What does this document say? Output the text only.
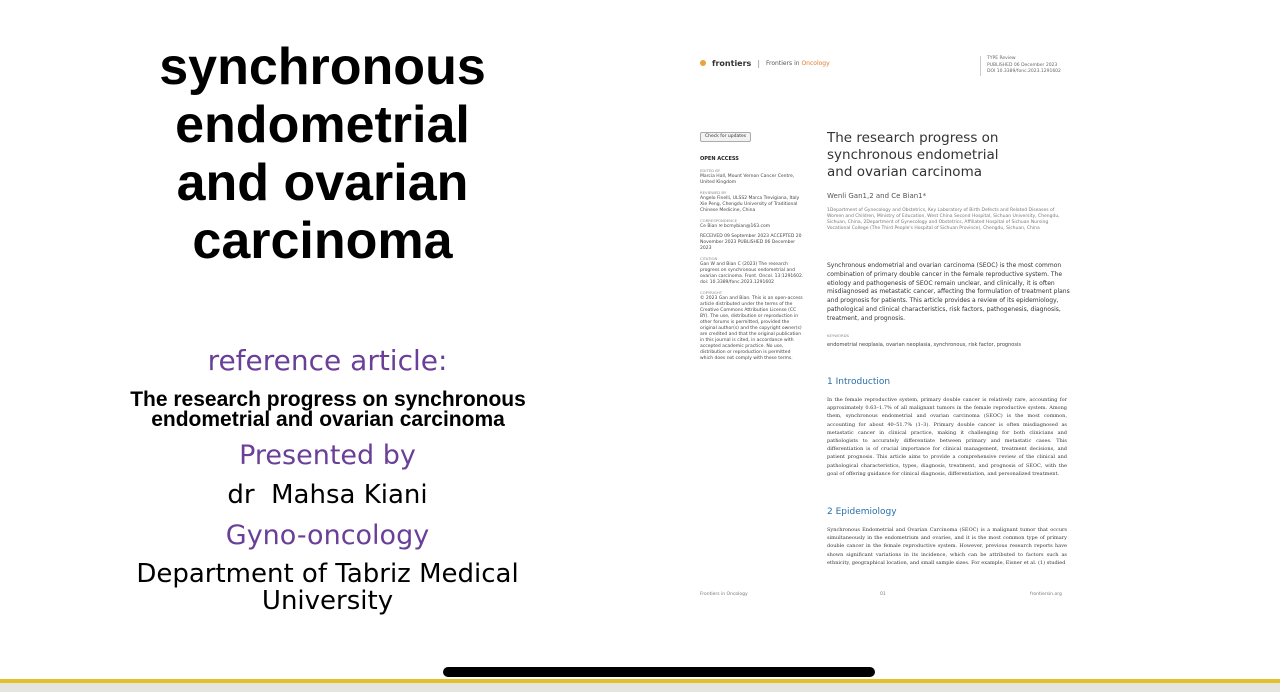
synchronous
endometrial
and ovarian
carcinoma
reference article:
The research progress on synchronous
endometrial and ovarian carcinoma
Presented by
dr  Mahsa Kiani
Gyno-oncology
Department of Tabriz Medical
University
frontiers | Frontiers in Oncology
TYPE Review
PUBLISHED 06 December 2023
DOI 10.3389/fonc.2023.1291602
Check for updates
OPEN ACCESS
EDITED BY
Marcia Hall, Mount Vernon Cancer Centre, United Kingdom
REVIEWED BY
Angelo Finelli, ULSS2 Marca Trevigiana, Italy Xie Peng, Chengdu University of Traditional Chinese Medicine, China
CORRESPONDENCE
Ce Bian ✉ bcmybian@163.com
RECEIVED 09 September 2023 ACCEPTED 20 November 2023 PUBLISHED 06 December 2023
CITATION
Gan W and Bian C (2023) The research progress on synchronous endometrial and ovarian carcinoma. Front. Oncol. 13:1291602. doi: 10.3389/fonc.2023.1291602
COPYRIGHT
© 2023 Gan and Bian. This is an open-access article distributed under the terms of the Creative Commons Attribution License (CC BY). The use, distribution or reproduction in other forums is permitted, provided the original author(s) and the copyright owner(s) are credited and that the original publication in this journal is cited, in accordance with accepted academic practice. No use, distribution or reproduction is permitted which does not comply with these terms.
The research progress on
synchronous endometrial
and ovarian carcinoma
Wenli Gan1,2 and Ce Bian1*
1Department of Gynecology and Obstetrics, Key Laboratory of Birth Defects and Related Diseases of Women and Children, Ministry of Education, West China Second Hospital, Sichuan University, Chengdu, Sichuan, China, 2Department of Gynecology and Obstetrics, Affiliated Hospital of Sichuan Nursing Vocational College (The Third People's Hospital of Sichuan Province), Chengdu, Sichuan, China
Synchronous endometrial and ovarian carcinoma (SEOC) is the most common combination of primary double cancer in the female reproductive system. The etiology and pathogenesis of SEOC remain unclear, and clinically, it is often misdiagnosed as metastatic cancer, affecting the formulation of treatment plans and prognosis for patients. This article provides a review of its epidemiology, pathological and clinical characteristics, risk factors, pathogenesis, diagnosis, treatment, and prognosis.
KEYWORDS
endometrial neoplasia, ovarian neoplasia, synchronous, risk factor, prognosis
1 Introduction
In the female reproductive system, primary double cancer is relatively rare, accounting for approximately 0.63–1.7% of all malignant tumors in the female reproductive system. Among them, synchronous endometrial and ovarian carcinoma (SEOC) is the most common, accounting for about 40–51.7% (1–3). Primary double cancer is often misdiagnosed as metastatic cancer in clinical practice, making it challenging for both clinicians and pathologists to accurately differentiate between primary and metastatic cases. This differentiation is of crucial importance for clinical management, treatment decisions, and patient prognosis. This article aims to provide a comprehensive review of the clinical and pathological characteristics, types, diagnosis, treatment, and prognosis of SEOC, with the goal of offering guidance for clinical diagnosis, differentiation, and personalized treatment.
2 Epidemiology
Synchronous Endometrial and Ovarian Carcinoma (SEOC) is a malignant tumor that occurs simultaneously in the endometrium and ovaries, and it is the most common type of primary double cancer in the female reproductive system. However, previous research reports have shown significant variations in its incidence, which can be attributed to factors such as ethnicity, geographical location, and small sample sizes. For example, Eisner et al. (1) studied
Frontiers in Oncology	01	frontiersin.org
